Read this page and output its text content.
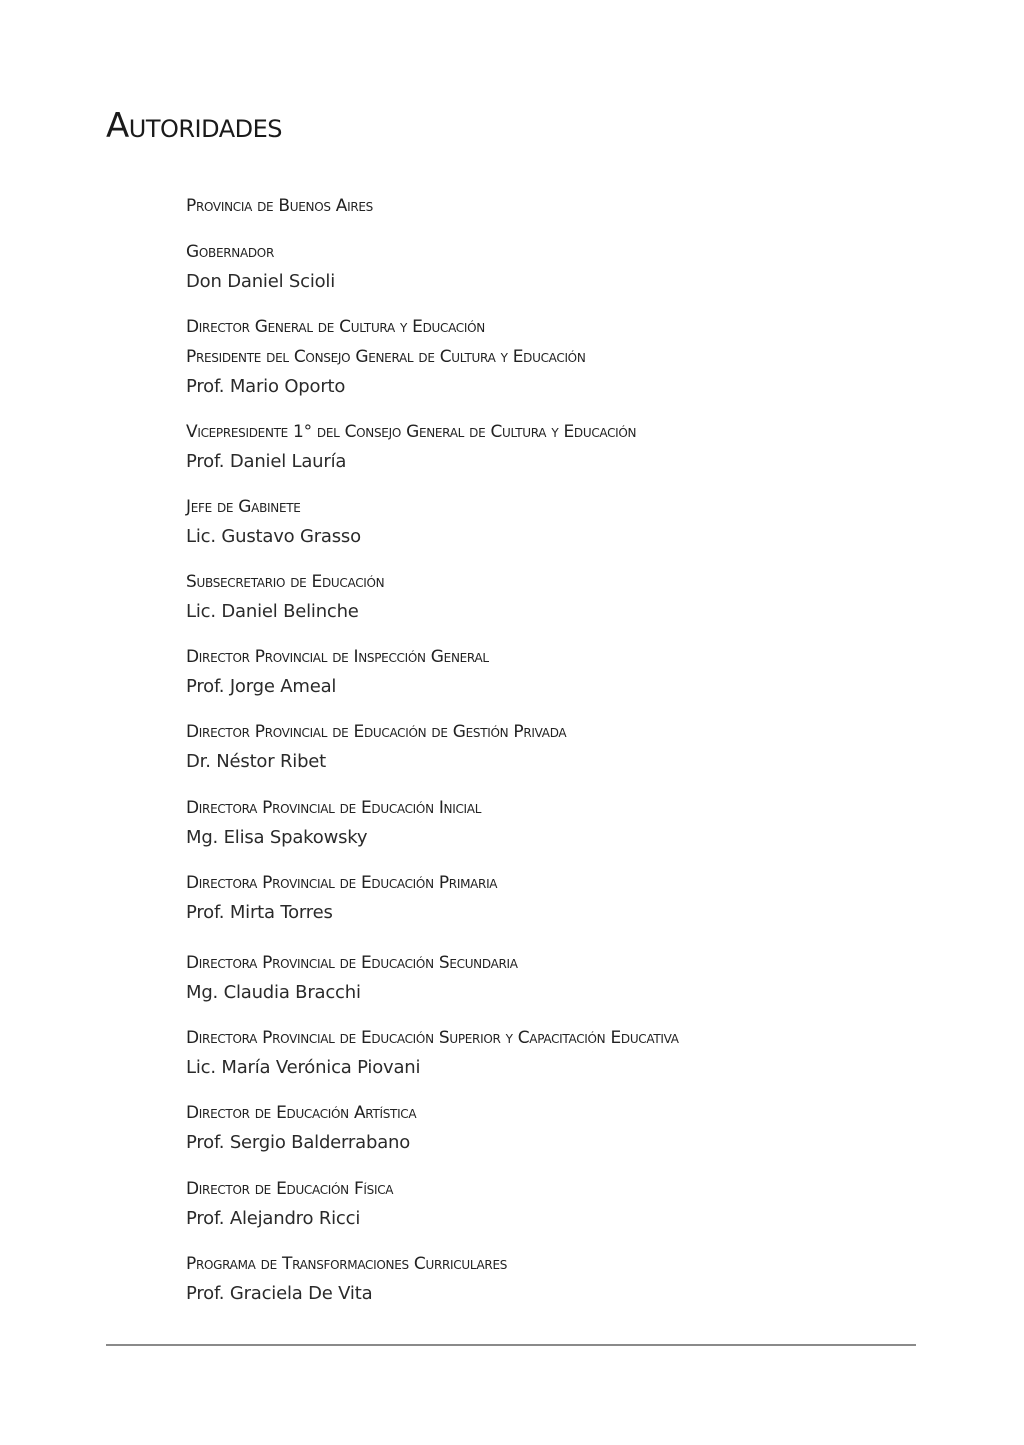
Autoridades
Provincia de Buenos Aires
Gobernador
Don Daniel Scioli
Director General de Cultura y Educación
Presidente del Consejo General de Cultura y Educación
Prof. Mario Oporto
Vicepresidente 1° del Consejo General de Cultura y Educación
Prof. Daniel Lauría
Jefe de Gabinete
Lic. Gustavo Grasso
Subsecretario de Educación
Lic. Daniel Belinche
Director Provincial de Inspección General
Prof. Jorge Ameal
Director Provincial de Educación de Gestión Privada
Dr. Néstor Ribet
Directora Provincial de Educación Inicial
Mg. Elisa Spakowsky
Directora Provincial de Educación Primaria
Prof. Mirta Torres
Directora Provincial de Educación Secundaria
Mg. Claudia Bracchi
Directora Provincial de Educación Superior y Capacitación Educativa
Lic. María Verónica Piovani
Director de Educación Artística
Prof. Sergio Balderrabano
Director de Educación Física
Prof. Alejandro Ricci
Programa de Transformaciones Curriculares
Prof. Graciela De Vita
